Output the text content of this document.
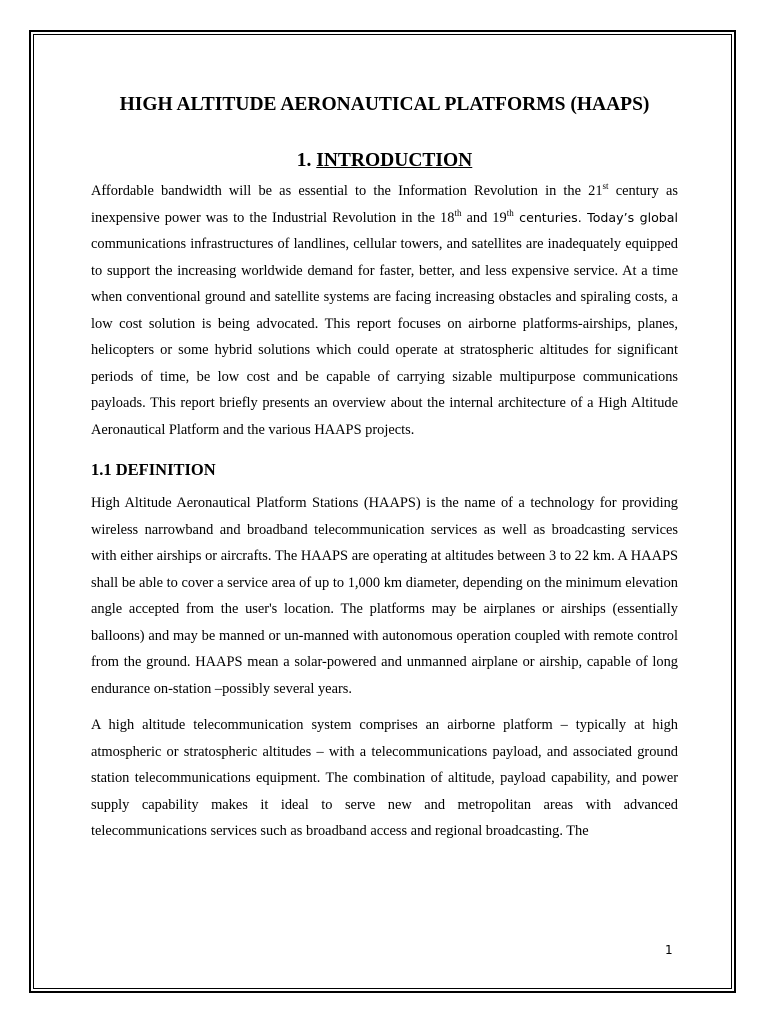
HIGH ALTITUDE AERONAUTICAL PLATFORMS (HAAPS)
1. INTRODUCTION

Affordable bandwidth will be as essential to the Information Revolution in the 21st century as inexpensive power was to the Industrial Revolution in the 18th and 19th centuries. Today’s global communications infrastructures of landlines, cellular towers, and satellites are inadequately equipped to support the increasing worldwide demand for faster, better, and less expensive service. At a time when conventional ground and satellite systems are facing increasing obstacles and spiraling costs, a low cost solution is being advocated. This report focuses on airborne platforms-airships, planes, helicopters or some hybrid solutions which could operate at stratospheric altitudes for significant periods of time, be low cost and be capable of carrying sizable multipurpose communications payloads. This report briefly presents an overview about the internal architecture of a High Altitude Aeronautical Platform and the various HAAPS projects.

1.1 DEFINITION

High Altitude Aeronautical Platform Stations (HAAPS) is the name of a technology for providing wireless narrowband and broadband telecommunication services as well as broadcasting services with either airships or aircrafts. The HAAPS are operating at altitudes between 3 to 22 km. A HAAPS shall be able to cover a service area of up to 1,000 km diameter, depending on the minimum elevation angle accepted from the user's location. The platforms may be airplanes or airships (essentially balloons) and may be manned or un-manned with autonomous operation coupled with remote control from the ground. HAAPS mean a solar-powered and unmanned airplane or airship, capable of long endurance on-station –possibly several years.

A high altitude telecommunication system comprises an airborne platform – typically at high atmospheric or stratospheric altitudes – with a telecommunications payload, and associated ground station telecommunications equipment. The combination of altitude, payload capability, and power supply capability makes it ideal to serve new and metropolitan areas with advanced telecommunications services such as broadband access and regional broadcasting. The

1
